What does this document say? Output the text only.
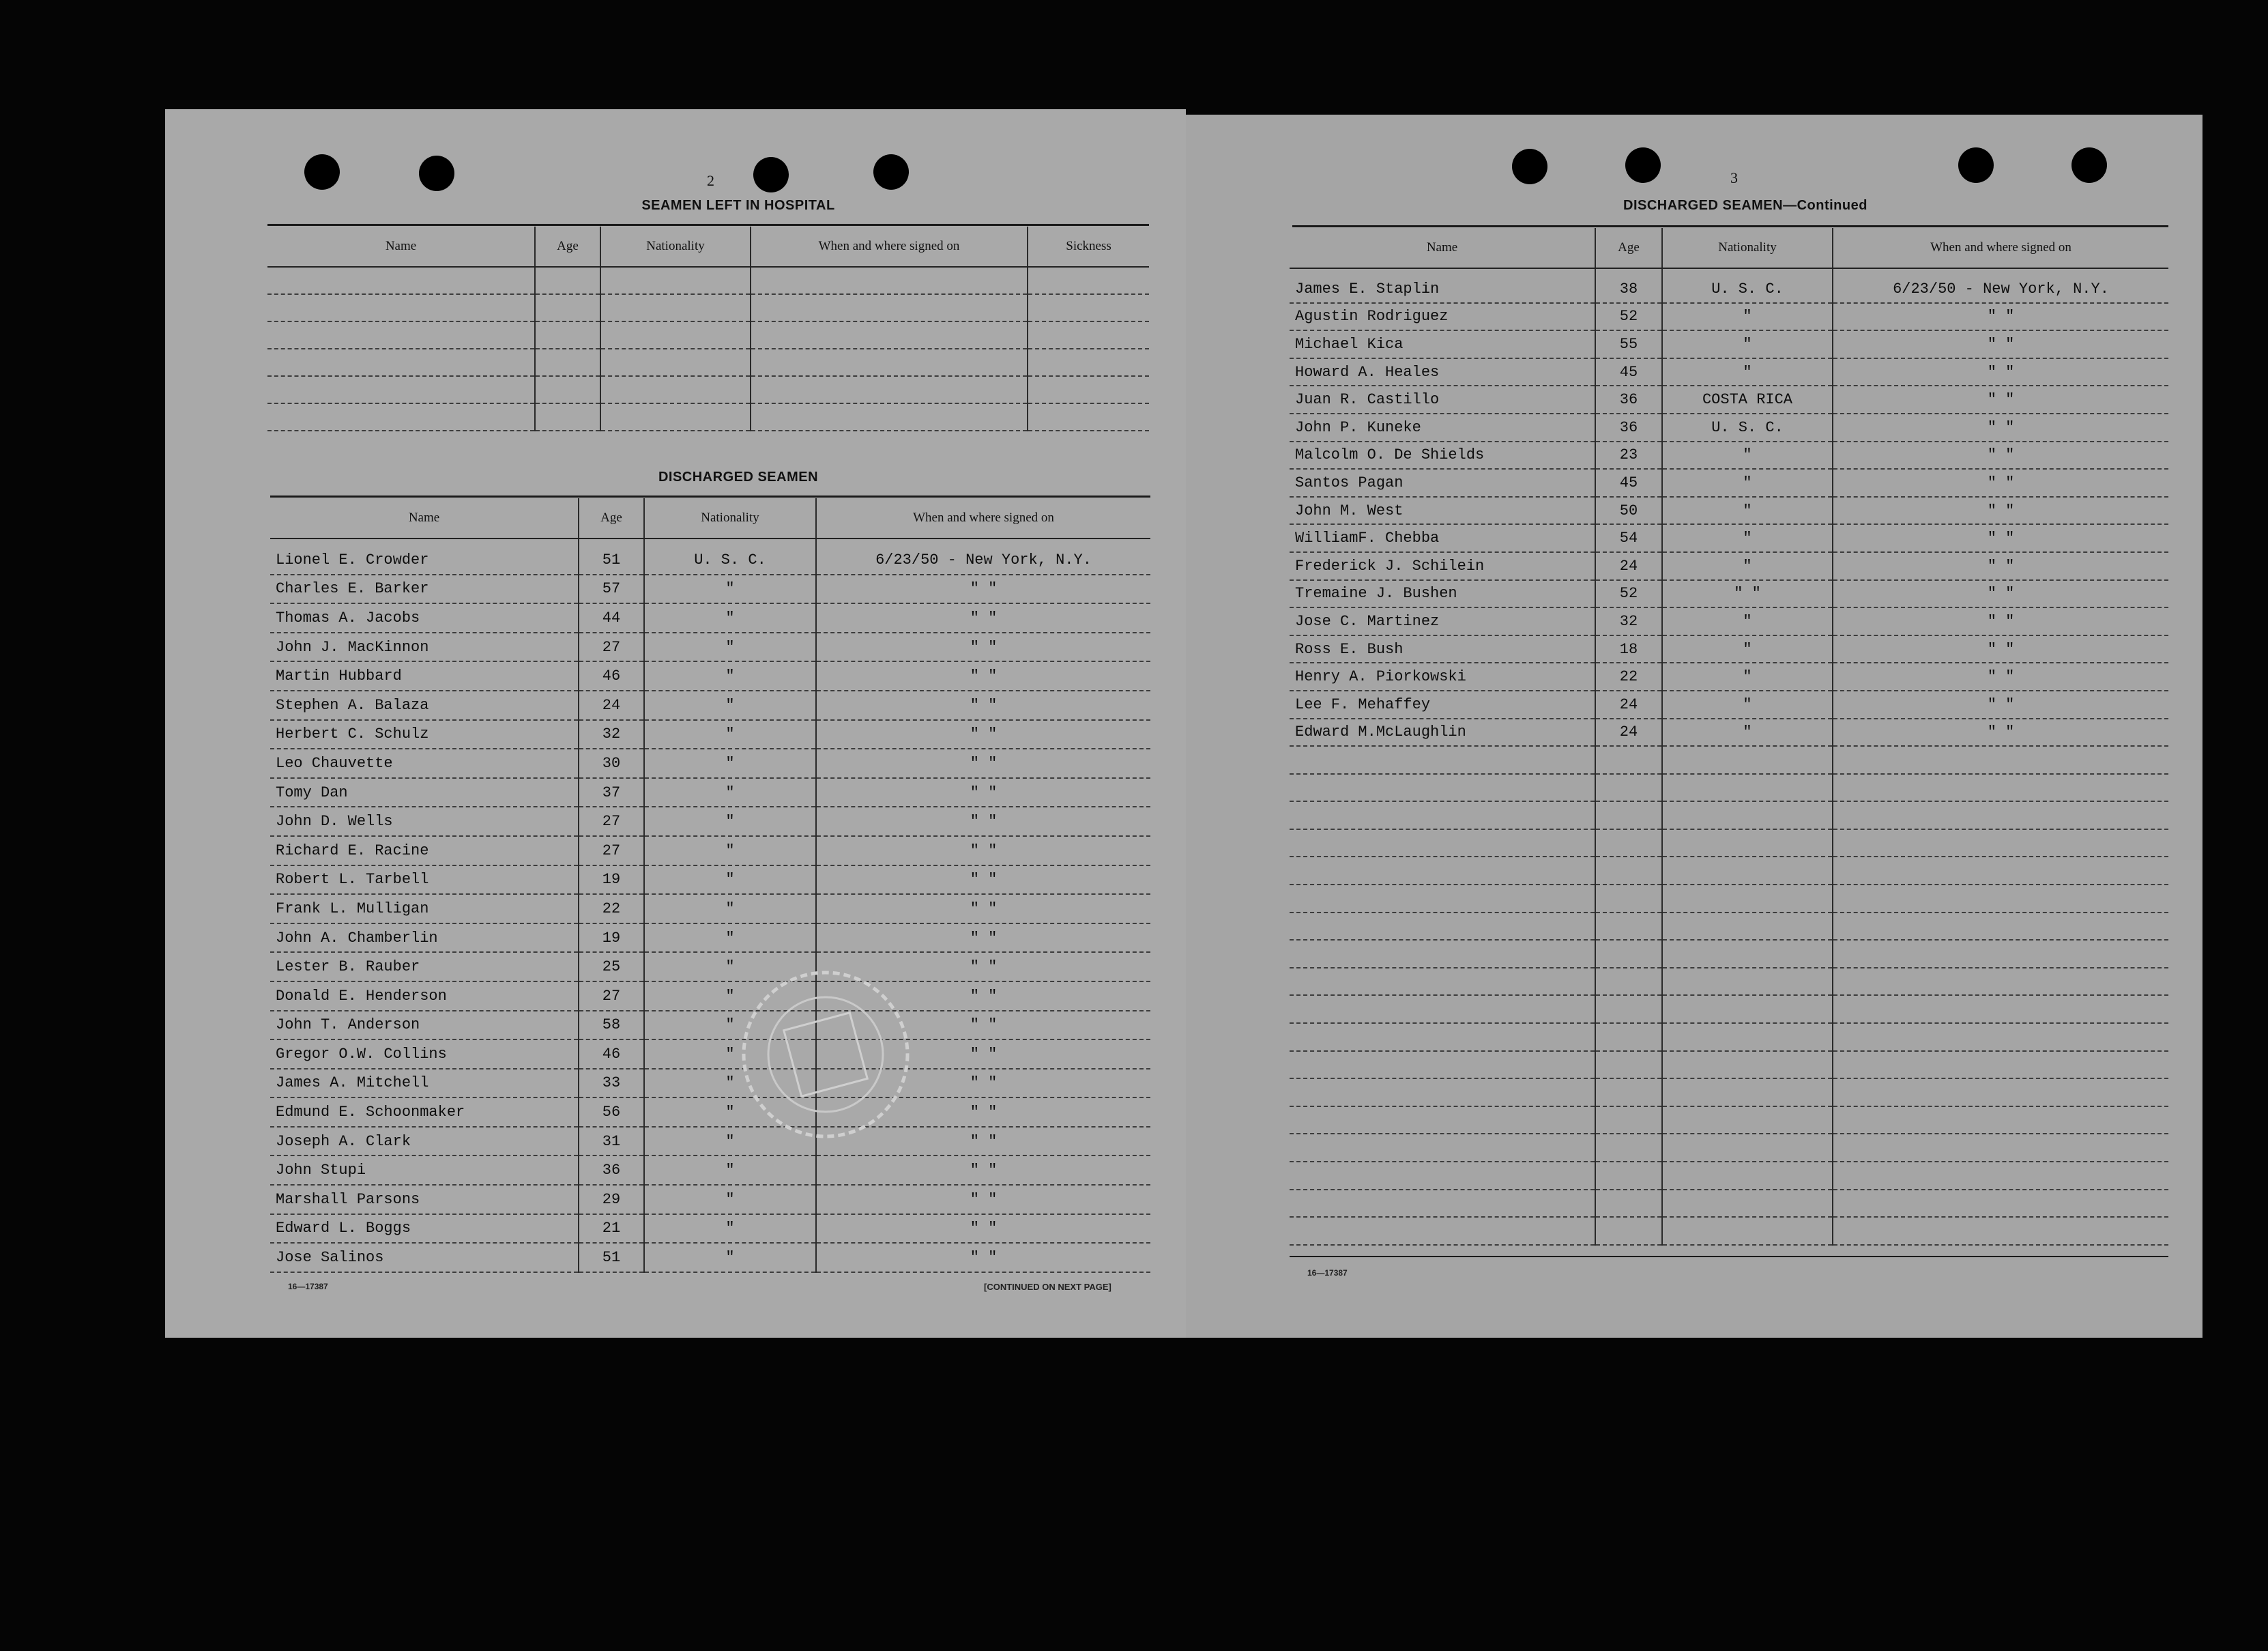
2
SEAMEN LEFT IN HOSPITAL
Name	Age	Nationality	When and where signed on	Sickness

DISCHARGED SEAMEN
Name	Age	Nationality	When and where signed on
Lionel E. Crowder	51	U. S. C.	6/23/50 - New York, N.Y.
Charles E. Barker	57	"	" "
Thomas A. Jacobs	44	"	" "
John J. MacKinnon	27	"	" "
Martin Hubbard	46	"	" "
Stephen A. Balaza	24	"	" "
Herbert C. Schulz	32	"	" "
Leo Chauvette	30	"	" "
Tomy Dan	37	"	" "
John D. Wells	27	"	" "
Richard E. Racine	27	"	" "
Robert L. Tarbell	19	"	" "
Frank L. Mulligan	22	"	" "
John A. Chamberlin	19	"	" "
Lester B. Rauber	25	"	" "
Donald E. Henderson	27	"	" "
John T. Anderson	58	"	" "
Gregor O.W. Collins	46	"	" "
James A. Mitchell	33	"	" "
Edmund E. Schoonmaker	56	"	" "
Joseph A. Clark	31	"	" "
John Stupi	36	"	" "
Marshall Parsons	29	"	" "
Edward L. Boggs	21	"	" "
Jose Salinos	51	"	" "
16—17387	[CONTINUED ON NEXT PAGE]
3
DISCHARGED SEAMEN—Continued
Name	Age	Nationality	When and where signed on
James E. Staplin	38	U. S. C.	6/23/50 - New York, N.Y.
Agustin Rodriguez	52	"	" "
Michael Kica	55	"	" "
Howard A. Heales	45	"	" "
Juan R. Castillo	36	COSTA RICA	" "
John P. Kuneke	36	U. S. C.	" "
Malcolm O. De Shields	23	"	" "
Santos Pagan	45	"	" "
John M. West	50	"	" "
WilliamF. Chebba	54	"	" "
Frederick J. Schilein	24	"	" "
Tremaine J. Bushen	52	" "	" "
Jose C. Martinez	32	"	" "
Ross E. Bush	18	"	" "
Henry A. Piorkowski	22	"	" "
Lee F. Mehaffey	24	"	" "
Edward M.McLaughlin	24	"	" "

16—17387
